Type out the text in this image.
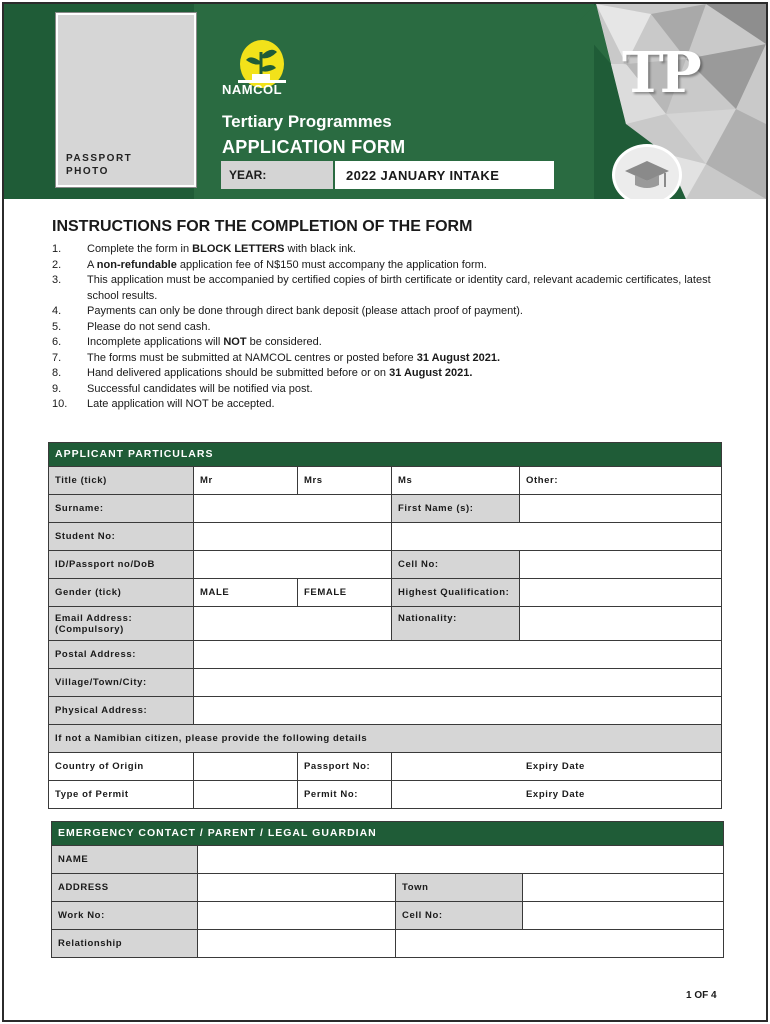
PASSPORT
PHOTO
NAMCOL	TP
Tertiary Programmes
APPLICATION FORM
YEAR:	2022 JANUARY INTAKE
INSTRUCTIONS FOR THE COMPLETION OF THE FORM
1.	Complete the form in BLOCK LETTERS with black ink.
2.	A non-refundable application fee of N$150 must accompany the application form.
3.	This application must be accompanied by certified copies of birth certificate or identity card, relevant academic certificates, latest school results.
4.	Payments can only be done through direct bank deposit (please attach proof of payment).
5.	Please do not send cash.
6.	Incomplete applications will NOT be considered.
7.	The forms must be submitted at NAMCOL centres or posted before 31 August 2021.
8.	Hand delivered applications should be submitted before or on 31 August 2021.
9.	Successful candidates will be notified via post.
10.	Late application will NOT be accepted.
APPLICANT PARTICULARS				
Title (tick)	Mr	Mrs	Ms	Other:
Surname:			First Name (s):	
Student No:				
ID/Passport no/DoB			Cell No:	
Gender (tick)	MALE	FEMALE	Highest Qualification:	

Email Address:
(Compulsory)			Nationality:	
Postal Address:				
Village/Town/City:				
Physical Address:				
If not a Namibian citizen, please provide the following details				
Country of Origin		Passport No:	Expiry Date	
Type of Permit		Permit No:	Expiry Date	
EMERGENCY CONTACT / PARENT / LEGAL GUARDIAN			
NAME			
ADDRESS		Town	
Work No:		Cell No:	
Relationship			
1 OF 4
